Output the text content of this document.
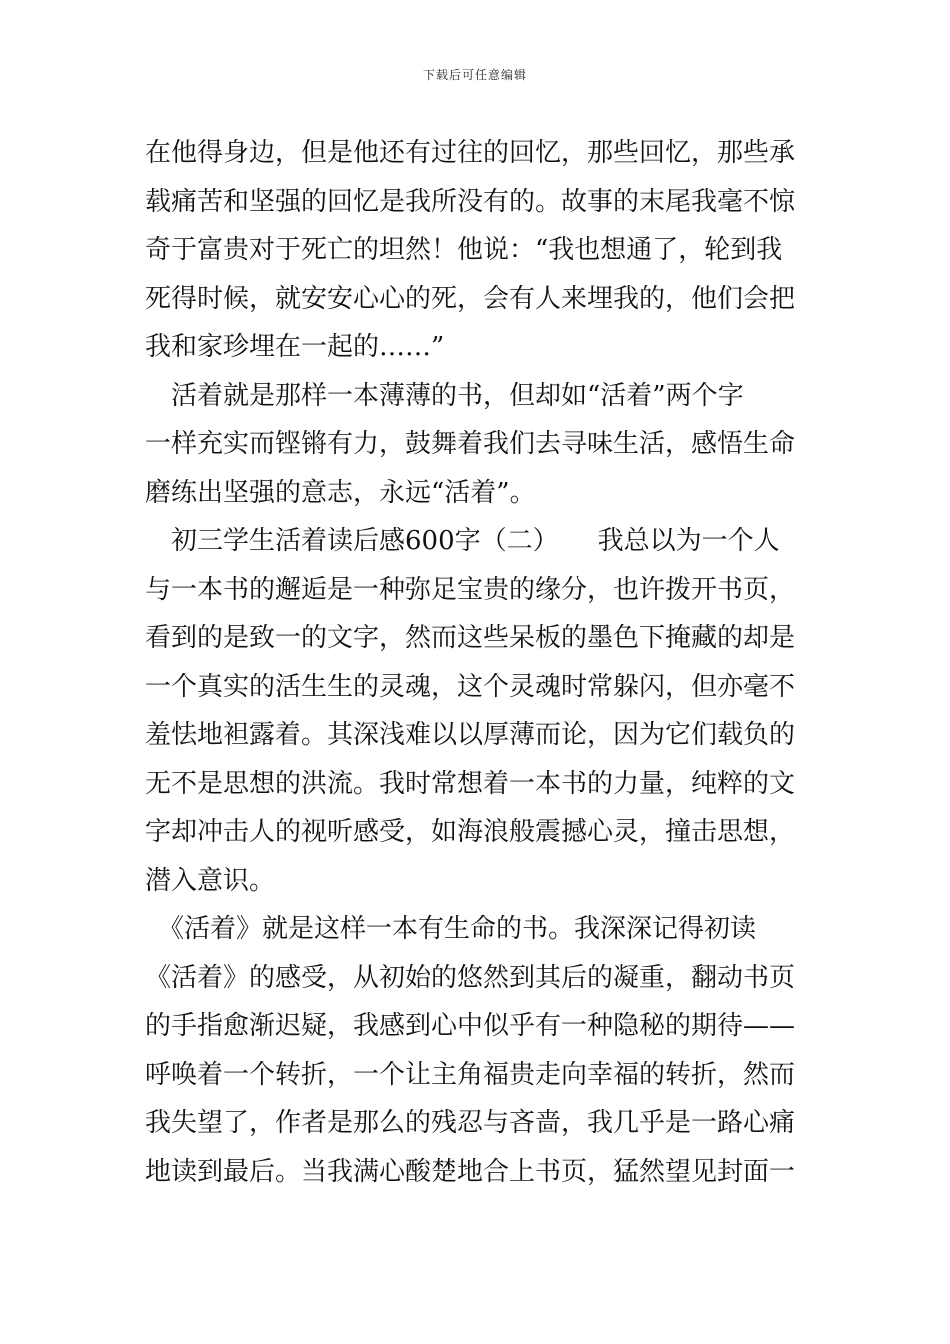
下载后可任意编辑
在他得身边，但是他还有过往的回忆，那些回忆，那些承
载痛苦和坚强的回忆是我所没有的。故事的末尾我毫不惊
奇于富贵对于死亡的坦然！他说：“我也想通了，轮到我
死得时候，就安安心心的死，会有人来埋我的，他们会把
我和家珍埋在一起的……”
　活着就是那样一本薄薄的书，但却如“活着”两个字
一样充实而铿锵有力，鼓舞着我们去寻味生活，感悟生命
磨练出坚强的意志，永远“活着”。
　初三学生活着读后感600字（二）　　我总以为一个人
与一本书的邂逅是一种弥足宝贵的缘分，也许拨开书页，
看到的是致一的文字，然而这些呆板的墨色下掩藏的却是
一个真实的活生生的灵魂，这个灵魂时常躲闪，但亦毫不
羞怯地袒露着。其深浅难以以厚薄而论，因为它们载负的
无不是思想的洪流。我时常想着一本书的力量，纯粹的文
字却冲击人的视听感受，如海浪般震撼心灵，撞击思想，
潜入意识。
　《活着》就是这样一本有生命的书。我深深记得初读
《活着》的感受，从初始的悠然到其后的凝重，翻动书页
的手指愈渐迟疑，我感到心中似乎有一种隐秘的期待——
呼唤着一个转折，一个让主角福贵走向幸福的转折，然而
我失望了，作者是那么的残忍与吝啬，我几乎是一路心痛
地读到最后。当我满心酸楚地合上书页，猛然望见封面一
